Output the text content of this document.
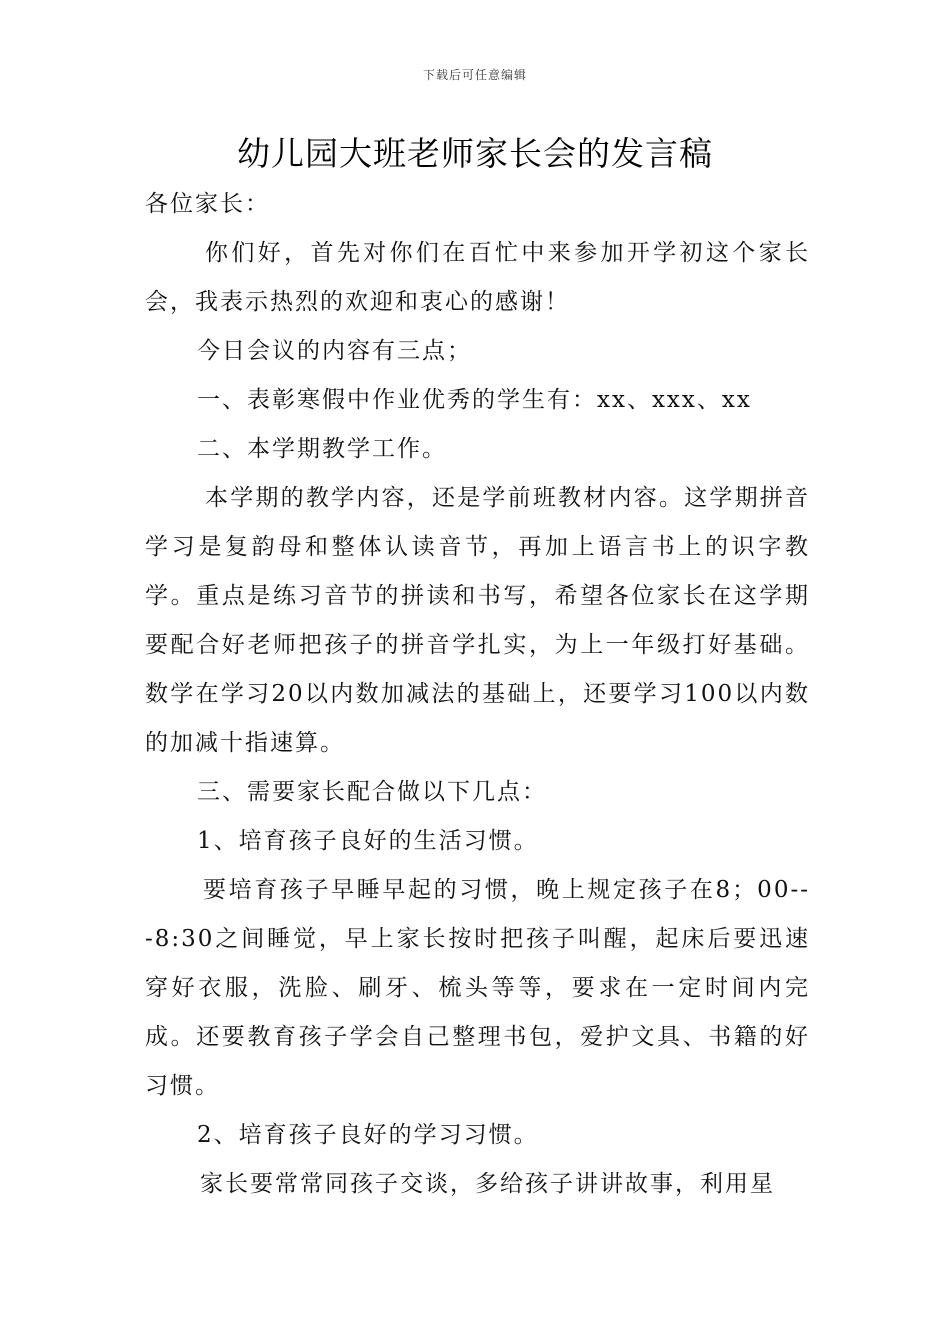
下载后可任意编辑
幼儿园大班老师家长会的发言稿

各位家长：

你们好，首先对你们在百忙中来参加开学初这个家长会，我表示热烈的欢迎和衷心的感谢！

今日会议的内容有三点；

一、表彰寒假中作业优秀的学生有：xx、xxx、xx

二、本学期教学工作。

本学期的教学内容，还是学前班教材内容。这学期拼音学习是复韵母和整体认读音节，再加上语言书上的识字教学。重点是练习音节的拼读和书写，希望各位家长在这学期要配合好老师把孩子的拼音学扎实，为上一年级打好基础。数学在学习20以内数加减法的基础上，还要学习100以内数的加减十指速算。

三、需要家长配合做以下几点：

1、培育孩子良好的生活习惯。

要培育孩子早睡早起的习惯，晚上规定孩子在8；00---8:30之间睡觉，早上家长按时把孩子叫醒，起床后要迅速穿好衣服，洗脸、刷牙、梳头等等，要求在一定时间内完成。还要教育孩子学会自己整理书包，爱护文具、书籍的好习惯。

2、培育孩子良好的学习习惯。

家长要常常同孩子交谈，多给孩子讲讲故事，利用星
